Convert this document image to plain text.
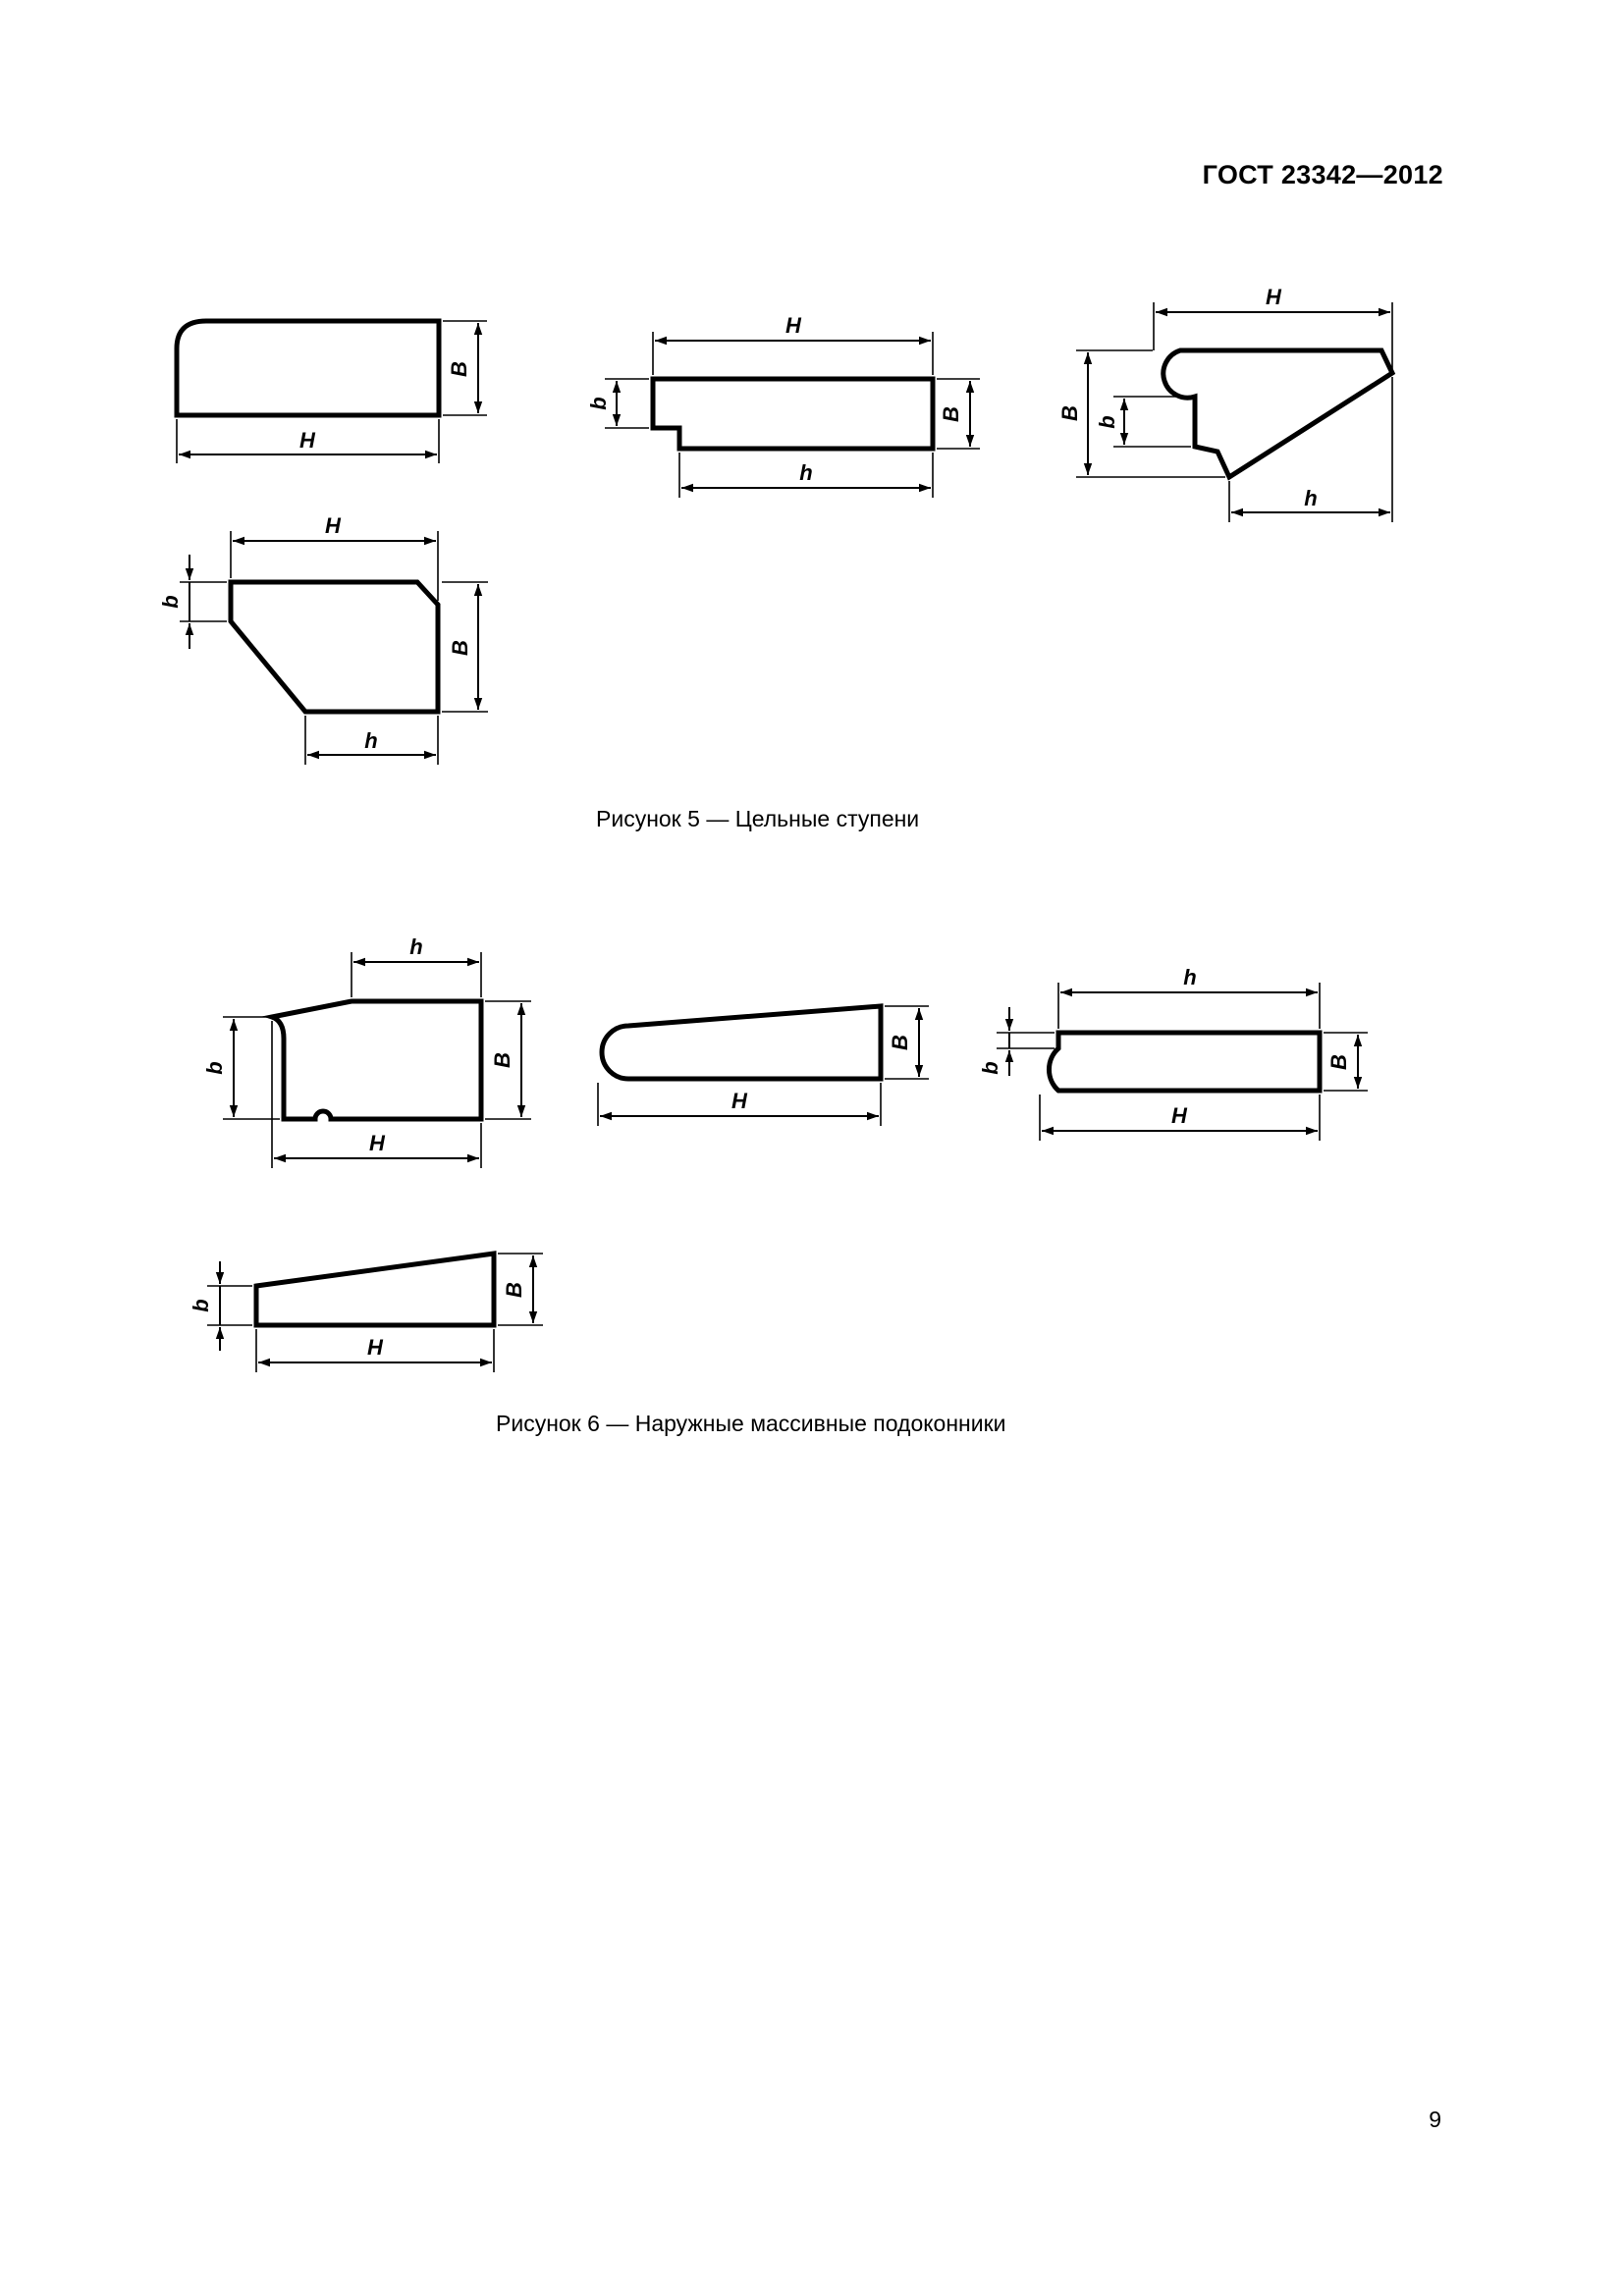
ГОСТ 23342—2012
H
B
H
h
B
b
H
h
B
b
H
h
B
b
h
H
B
b
H
B
h
H
B
b
H
B
b
Рисунок 5 — Цельные ступени
Рисунок 6 — Наружные массивные подоконники
9
